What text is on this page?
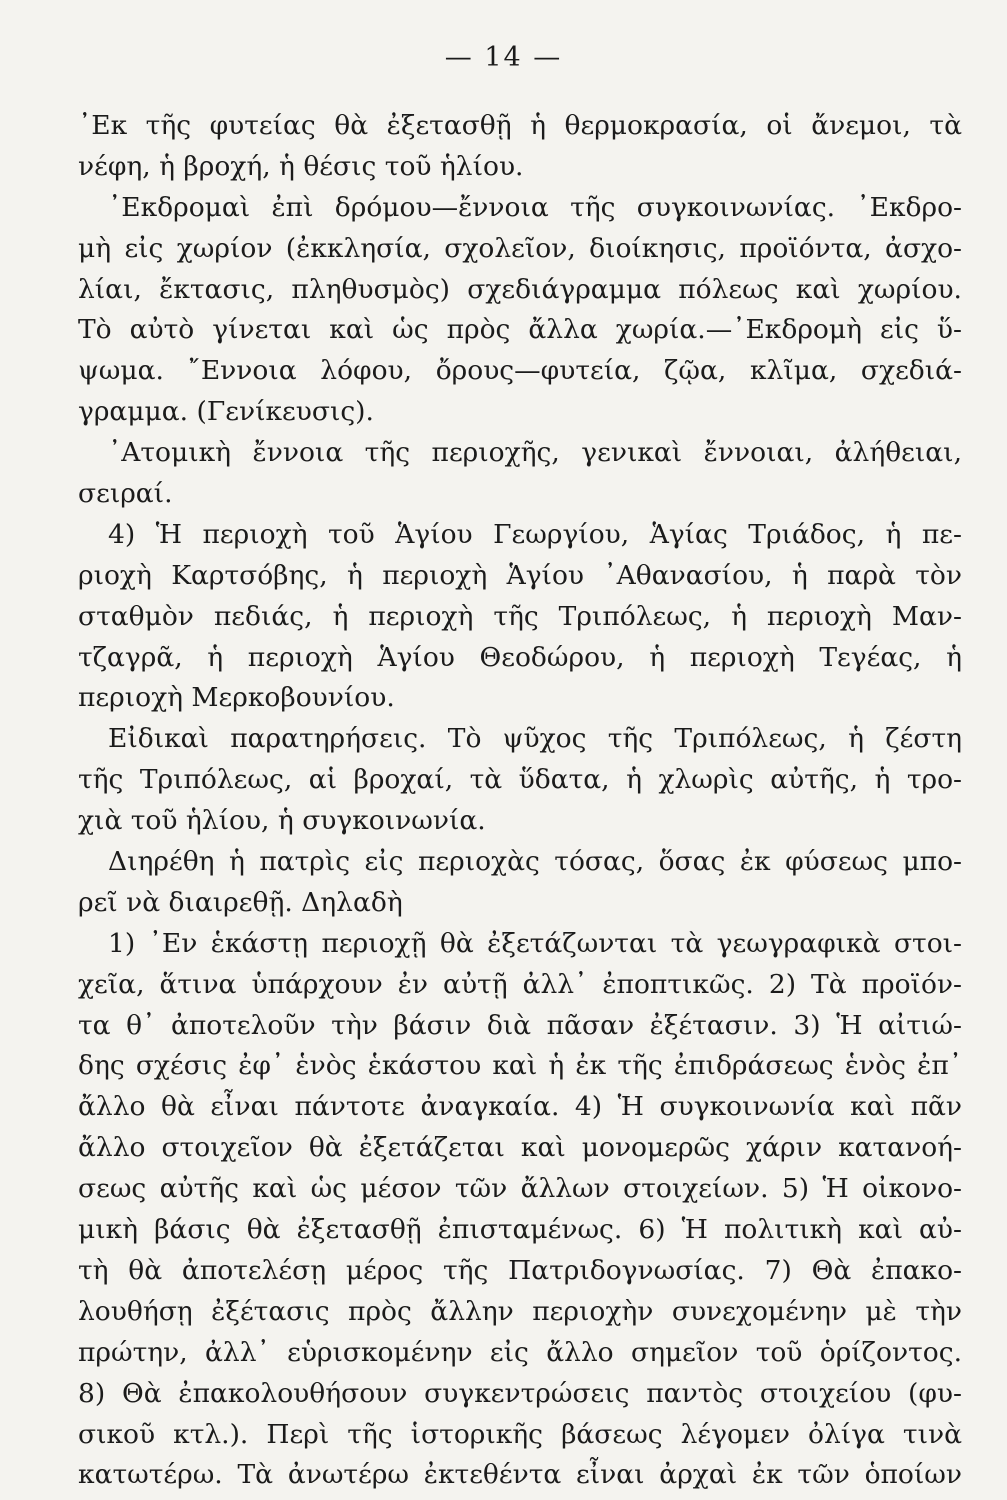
— 14 —
᾿Εκ τῆς φυτείας θὰ ἐξετασθῇ ἡ θερμοκρασία, οἱ ἄνεμοι, τὰ
νέφη, ἡ βροχή, ἡ θέσις τοῦ ἡλίου.
᾿Εκδρομαὶ ἐπὶ δρόμου—ἔννοια τῆς συγκοινωνίας. ᾿Εκδρο-
μὴ εἰς χωρίον (ἐκκλησία, σχολεῖον, διοίκησις, προϊόντα, ἀσχο-
λίαι, ἔκτασις, πληθυσμὸς) σχεδιάγραμμα πόλεως καὶ χωρίου.
Τὸ αὐτὸ γίνεται καὶ ὡς πρὸς ἄλλα χωρία.—᾿Εκδρομὴ εἰς ὕ-
ψωμα. ῎Εννοια λόφου, ὄρους—φυτεία, ζῷα, κλῖμα, σχεδιά-
γραμμα. (Γενίκευσις).
᾿Ατομικὴ ἔννοια τῆς περιοχῆς, γενικαὶ ἔννοιαι, ἀλήθειαι,
σειραί.
4) Ἡ περιοχὴ τοῦ Ἁγίου Γεωργίου, Ἁγίας Τριάδος, ἡ πε-
ριοχὴ Καρτσόβης, ἡ περιοχὴ Ἁγίου ᾿Αθανασίου, ἡ παρὰ τὸν
σταθμὸν πεδιάς, ἡ περιοχὴ τῆς Τριπόλεως, ἡ περιοχὴ Μαν-
τζαγρᾶ, ἡ περιοχὴ Ἁγίου Θεοδώρου, ἡ περιοχὴ Τεγέας, ἡ
περιοχὴ Μερκοβουνίου.
Εἰδικαὶ παρατηρήσεις. Τὸ ψῦχος τῆς Τριπόλεως, ἡ ζέστη
τῆς Τριπόλεως, αἱ βροχαί, τὰ ὕδατα, ἡ χλωρὶς αὐτῆς, ἡ τρο-
χιὰ τοῦ ἡλίου, ἡ συγκοινωνία.
Διηρέθη ἡ πατρὶς εἰς περιοχὰς τόσας, ὅσας ἐκ φύσεως μπο-
ρεῖ νὰ διαιρεθῇ. Δηλαδὴ
1) ᾿Εν ἑκάστῃ περιοχῇ θὰ ἐξετάζωνται τὰ γεωγραφικὰ στοι-
χεῖα, ἅτινα ὑπάρχουν ἐν αὐτῇ ἀλλ᾿ ἐποπτικῶς. 2) Τὰ προϊόν-
τα θ᾿ ἀποτελοῦν τὴν βάσιν διὰ πᾶσαν ἐξέτασιν. 3) Ἡ αἰτιώ-
δης σχέσις ἐφ᾿ ἑνὸς ἑκάστου καὶ ἡ ἐκ τῆς ἐπιδράσεως ἑνὸς ἐπ᾿
ἄλλο θὰ εἶναι πάντοτε ἀναγκαία. 4) Ἡ συγκοινωνία καὶ πᾶν
ἄλλο στοιχεῖον θὰ ἐξετάζεται καὶ μονομερῶς χάριν κατανοή-
σεως αὐτῆς καὶ ὡς μέσον τῶν ἄλλων στοιχείων. 5) Ἡ οἰκονο-
μικὴ βάσις θὰ ἐξετασθῇ ἐπισταμένως. 6) Ἡ πολιτικὴ καὶ αὐ-
τὴ θὰ ἀποτελέσῃ μέρος τῆς Πατριδογνωσίας. 7) Θὰ ἐπακο-
λουθήσῃ ἐξέτασις πρὸς ἄλλην περιοχὴν συνεχομένην μὲ τὴν
πρώτην, ἀλλ᾿ εὑρισκομένην εἰς ἄλλο σημεῖον τοῦ ὁρίζοντος.
8) Θὰ ἐπακολουθήσουν συγκεντρώσεις παντὸς στοιχείου (φυ-
σικοῦ κτλ.). Περὶ τῆς ἱστορικῆς βάσεως λέγομεν ὀλίγα τινὰ
κατωτέρω. Τὰ ἀνωτέρω ἐκτεθέντα εἶναι ἀρχαὶ ἐκ τῶν ὁποίων
